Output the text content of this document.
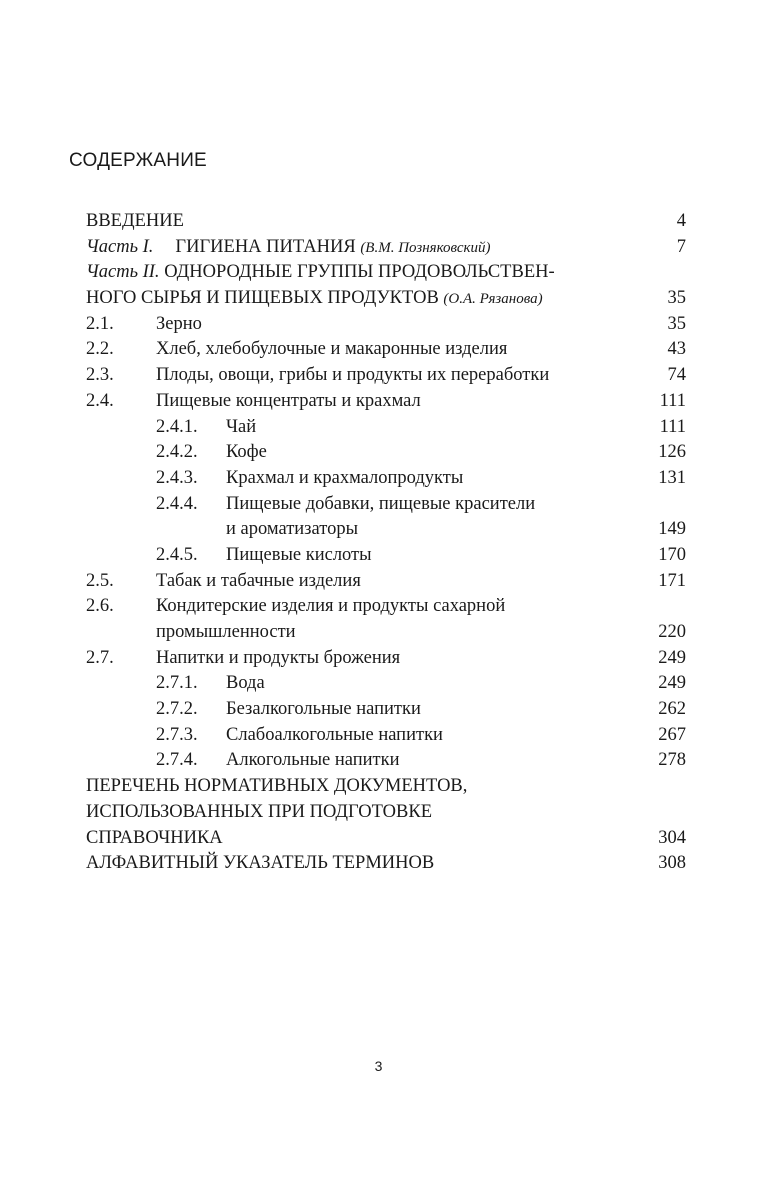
СОДЕРЖАНИЕ
ВВЕДЕНИЕ	4
Часть I. ГИГИЕНА ПИТАНИЯ (В.М. Позняковский)	7
Часть II. ОДНОРОДНЫЕ ГРУППЫ ПРОДОВОЛЬСТВЕН-
НОГО СЫРЬЯ И ПИЩЕВЫХ ПРОДУКТОВ (О.А. Рязанова)	35
2.1. Зерно	35
2.2. Хлеб, хлебобулочные и макаронные изделия	43
2.3. Плоды, овощи, грибы и продукты их переработки	74
2.4. Пищевые концентраты и крахмал	111
2.4.1. Чай	111
2.4.2. Кофе	126
2.4.3. Крахмал и крахмалопродукты	131
2.4.4. Пищевые добавки, пищевые красители
и ароматизаторы	149
2.4.5. Пищевые кислоты	170
2.5. Табак и табачные изделия	171
2.6. Кондитерские изделия и продукты сахарной
промышленности	220
2.7. Напитки и продукты брожения	249
2.7.1. Вода	249
2.7.2. Безалкогольные напитки	262
2.7.3. Слабоалкогольные напитки	267
2.7.4. Алкогольные напитки	278
ПЕРЕЧЕНЬ НОРМАТИВНЫХ ДОКУМЕНТОВ,
ИСПОЛЬЗОВАННЫХ ПРИ ПОДГОТОВКЕ
СПРАВОЧНИКА	304
АЛФАВИТНЫЙ УКАЗАТЕЛЬ ТЕРМИНОВ	308
3
